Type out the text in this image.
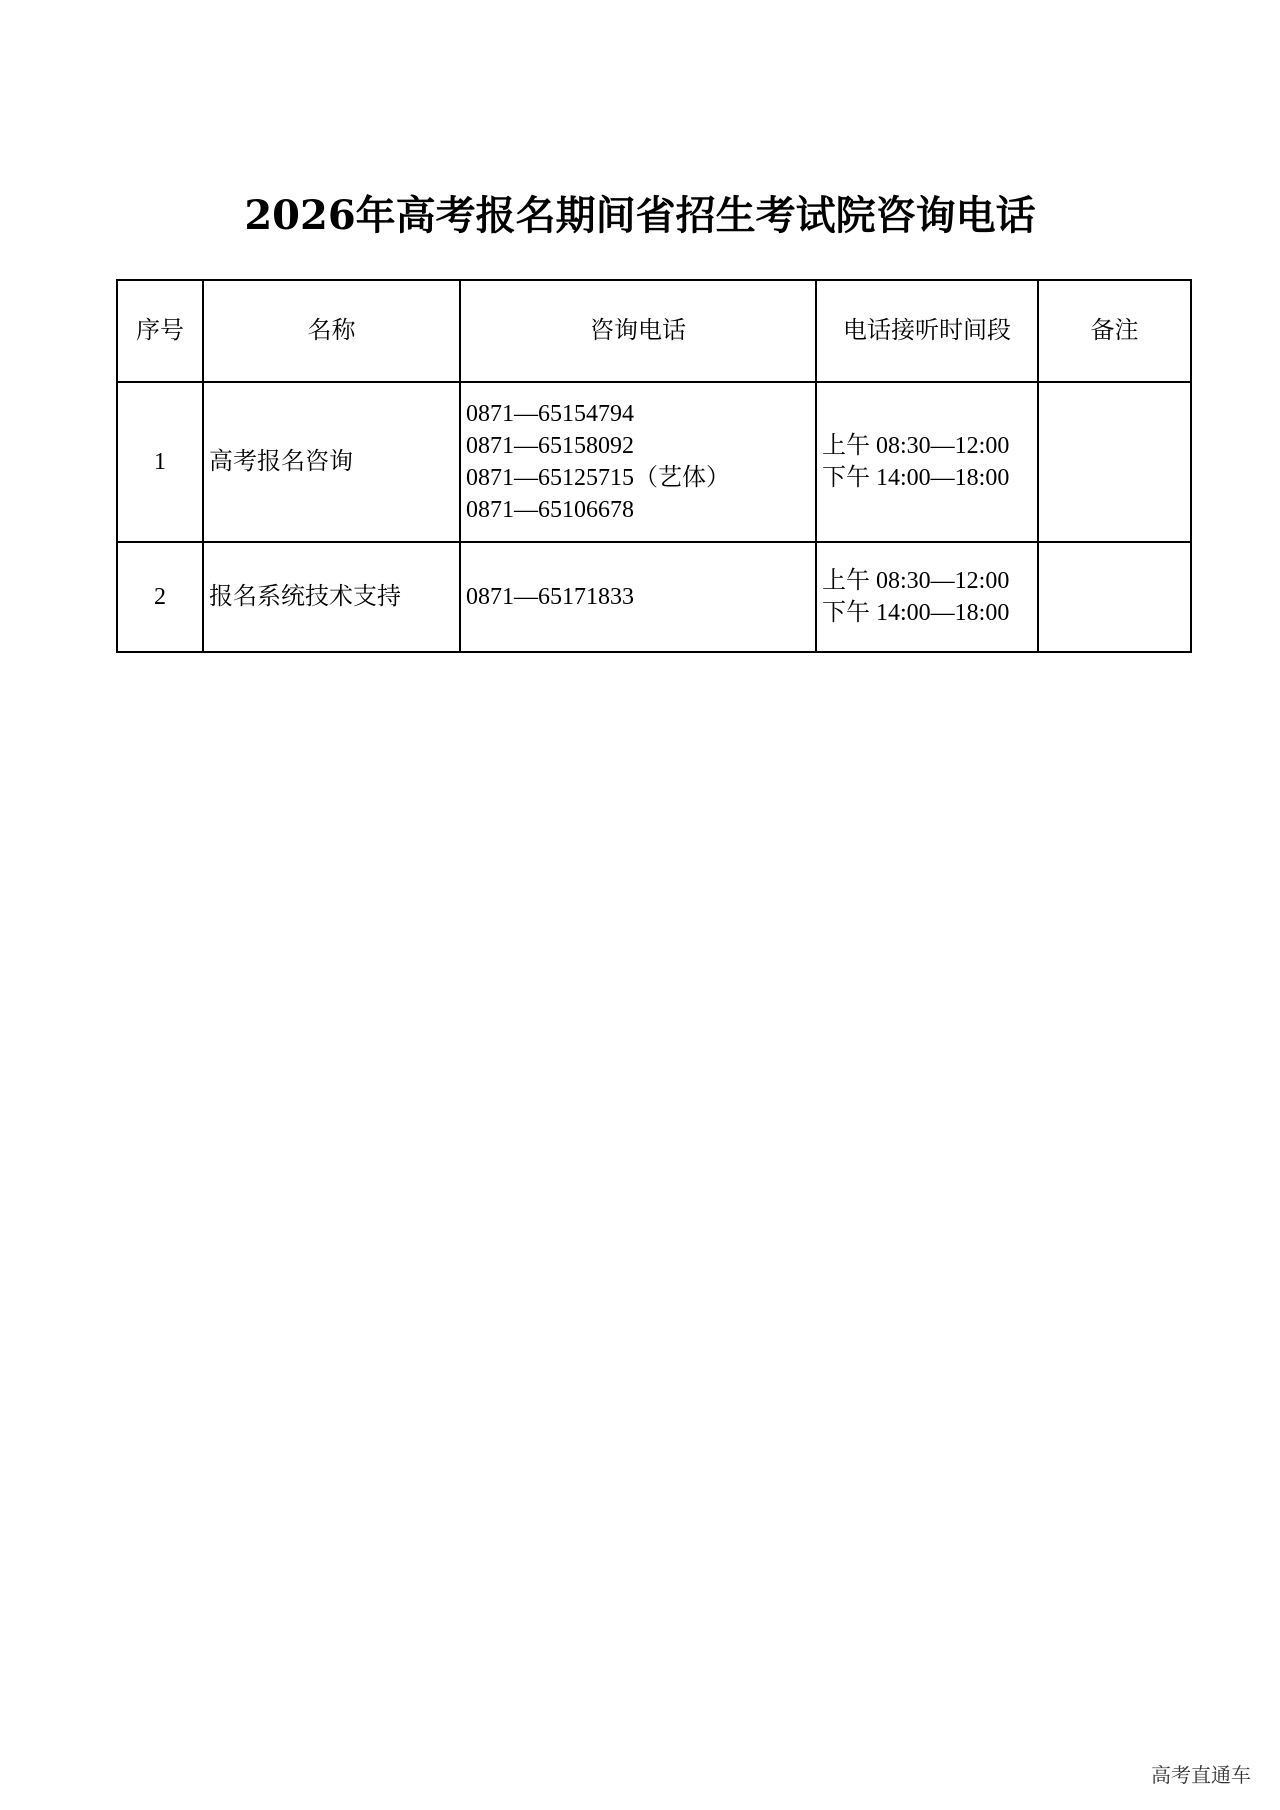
2026年高考报名期间省招生考试院咨询电话
序号	名称	咨询电话	电话接听时间段	备注
1	高考报名咨询	0871—65154794
0871—65158092
0871—65125715（艺体）
0871—65106678	上午 08:30—12:00
下午 14:00—18:00	

2	报名系统技术支持	0871—65171833	上午 08:30—12:00
下午 14:00—18:00	

高考直通车
